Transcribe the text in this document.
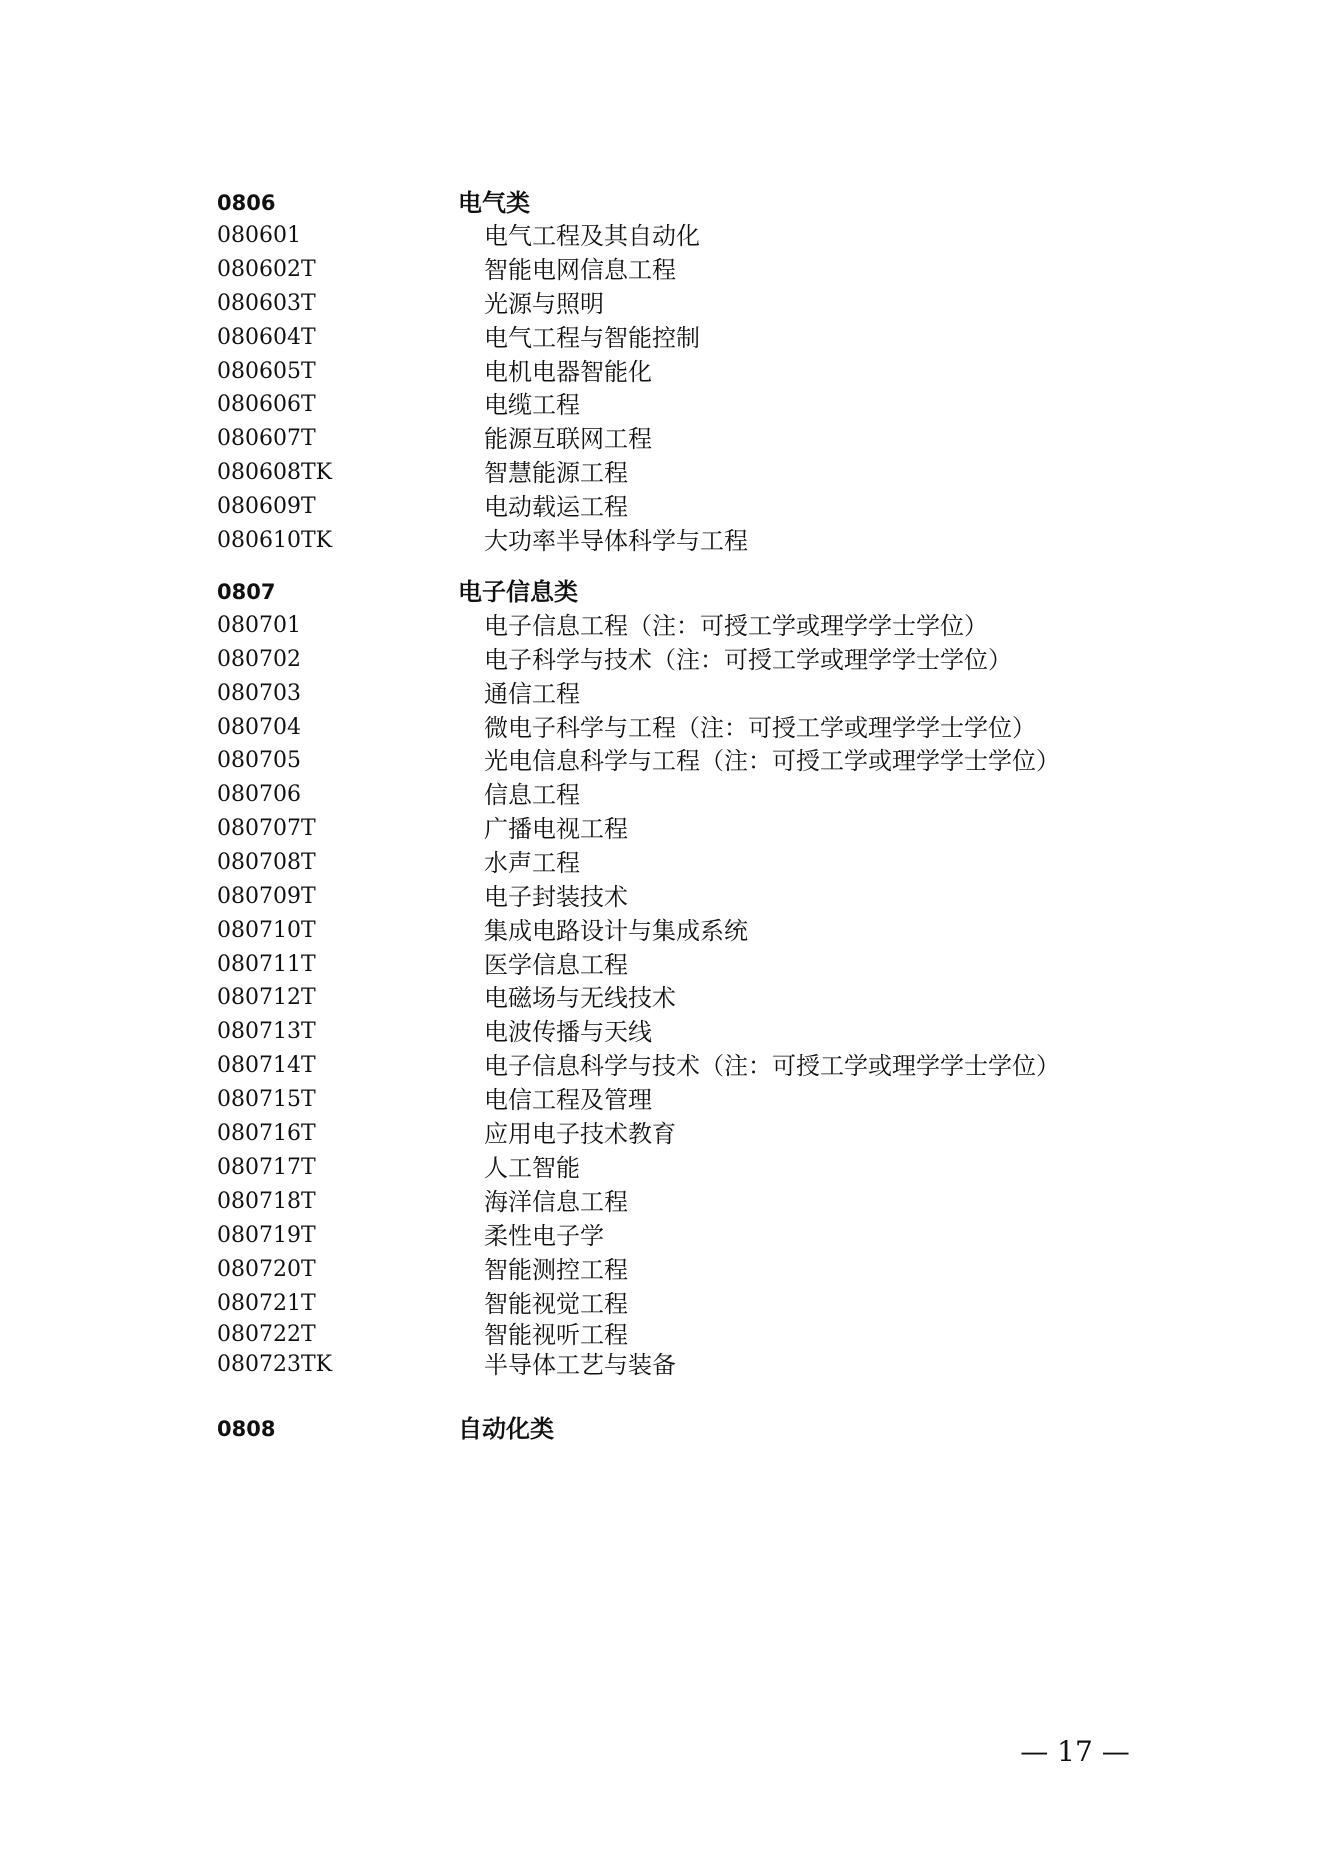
0806	电气类
080601	电气工程及其自动化
080602T	智能电网信息工程
080603T	光源与照明
080604T	电气工程与智能控制
080605T	电机电器智能化
080606T	电缆工程
080607T	能源互联网工程
080608TK	智慧能源工程
080609T	电动载运工程
080610TK	大功率半导体科学与工程
0807	电子信息类
080701	电子信息工程（注：可授工学或理学学士学位）
080702	电子科学与技术（注：可授工学或理学学士学位）
080703	通信工程
080704	微电子科学与工程（注：可授工学或理学学士学位）
080705	光电信息科学与工程（注：可授工学或理学学士学位）
080706	信息工程
080707T	广播电视工程
080708T	水声工程
080709T	电子封装技术
080710T	集成电路设计与集成系统
080711T	医学信息工程
080712T	电磁场与无线技术
080713T	电波传播与天线
080714T	电子信息科学与技术（注：可授工学或理学学士学位）
080715T	电信工程及管理
080716T	应用电子技术教育
080717T	人工智能
080718T	海洋信息工程
080719T	柔性电子学
080720T	智能测控工程
080721T	智能视觉工程
080722T	智能视听工程
080723TK	半导体工艺与装备
0808	自动化类
— 17 —
